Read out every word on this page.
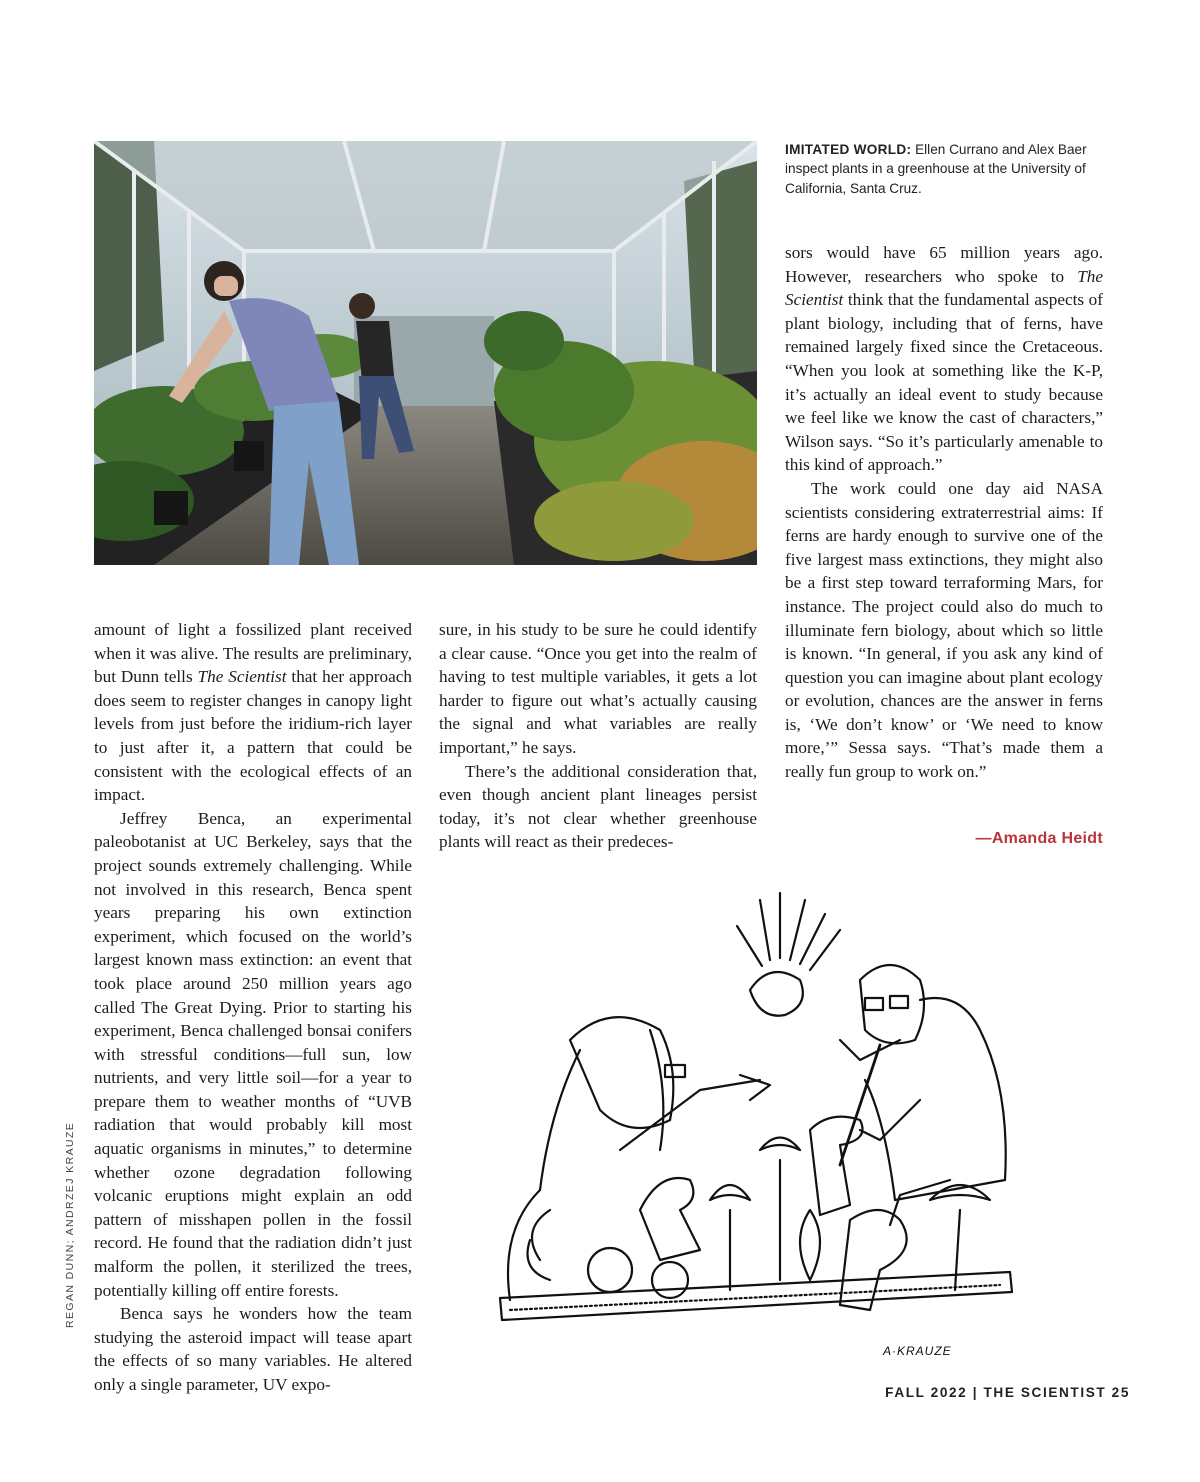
IMITATED WORLD: Ellen Currano and Alex Baer inspect plants in a greenhouse at the University of California, Santa Cruz.

amount of light a fossilized plant received when it was alive. The results are preliminary, but Dunn tells The Scientist that her approach does seem to register changes in canopy light levels from just before the iridium-rich layer to just after it, a pattern that could be consistent with the ecological effects of an impact.

Jeffrey Benca, an experimental paleobotanist at UC Berkeley, says that the project sounds extremely challenging. While not involved in this research, Benca spent years preparing his own extinction experiment, which focused on the world’s largest known mass extinction: an event that took place around 250 million years ago called The Great Dying. Prior to starting his experiment, Benca challenged bonsai conifers with stressful conditions—full sun, low nutrients, and very little soil—for a year to prepare them to weather months of “UVB radiation that would probably kill most aquatic organisms in minutes,” to determine whether ozone degradation following volcanic eruptions might explain an odd pattern of misshapen pollen in the fossil record. He found that the radiation didn’t just malform the pollen, it sterilized the trees, potentially killing off entire forests.

Benca says he wonders how the team studying the asteroid impact will tease apart the effects of so many variables. He altered only a single parameter, UV expo-

sure, in his study to be sure he could identify a clear cause. “Once you get into the realm of having to test multiple variables, it gets a lot harder to figure out what’s actually causing the signal and what variables are really important,” he says.

There’s the additional consideration that, even though ancient plant lineages persist today, it’s not clear whether greenhouse plants will react as their predeces-

sors would have 65 million years ago. However, researchers who spoke to The Scientist think that the fundamental aspects of plant biology, including that of ferns, have remained largely fixed since the Cretaceous. “When you look at something like the K-P, it’s actually an ideal event to study because we feel like we know the cast of characters,” Wilson says. “So it’s particularly amenable to this kind of approach.”

The work could one day aid NASA scientists considering extraterrestrial aims: If ferns are hardy enough to survive one of the five largest mass extinctions, they might also be a first step toward terraforming Mars, for instance. The project could also do much to illuminate fern biology, about which so little is known. “In general, if you ask any kind of question you can imagine about plant ecology or evolution, chances are the answer in ferns is, ‘We don’t know’ or ‘We need to know more,’” Sessa says. “That’s made them a really fun group to work on.”

—Amanda Heidt
REGAN DUNN; ANDRZEJ KRAUZE
A·KRAUZE
FALL 2022 | THE SCIENTIST 25
